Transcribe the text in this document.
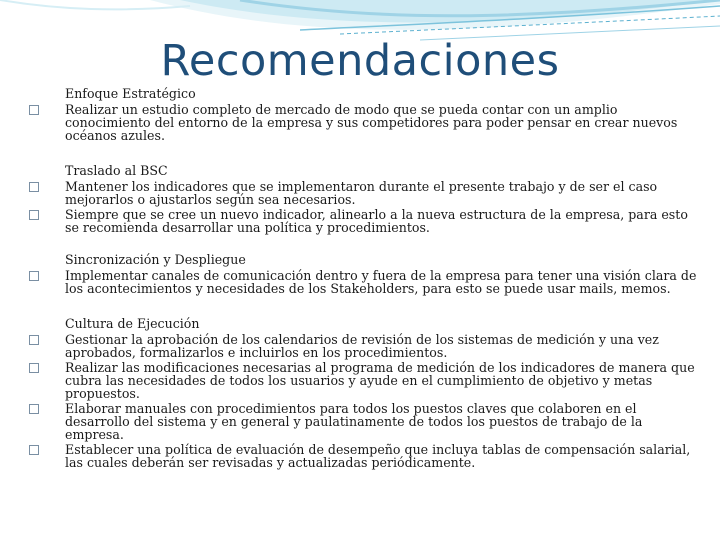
Recomendaciones
Enfoque Estratégico
Realizar un estudio completo de mercado de modo que se pueda contar con un amplio conocimiento del entorno de la empresa y sus competidores para poder pensar en crear nuevos océanos azules.
Traslado al BSC
Mantener los indicadores que se implementaron durante el presente trabajo y de ser el caso mejorarlos o ajustarlos según sea necesarios.
Siempre que se cree un nuevo indicador, alinearlo a la nueva estructura de la empresa, para esto se recomienda desarrollar una política y procedimientos.
Sincronización y Despliegue
Implementar canales de comunicación dentro y fuera de la empresa para tener una visión clara de los acontecimientos y necesidades de los Stakeholders, para esto se puede usar mails, memos.
Cultura de Ejecución
Gestionar la aprobación de los calendarios de revisión de los sistemas de medición y una vez aprobados, formalizarlos e incluirlos en los procedimientos.
Realizar las modificaciones necesarias al programa de medición de los indicadores de manera que cubra las necesidades de todos los usuarios y ayude en el cumplimiento de objetivo y metas propuestos.
Elaborar manuales con procedimientos para todos los puestos claves que colaboren en el desarrollo del sistema y en general y paulatinamente de todos los puestos de trabajo de la empresa.
Establecer una política de evaluación de desempeño que incluya tablas de compensación salarial, las cuales deberán ser revisadas y actualizadas periódicamente.
